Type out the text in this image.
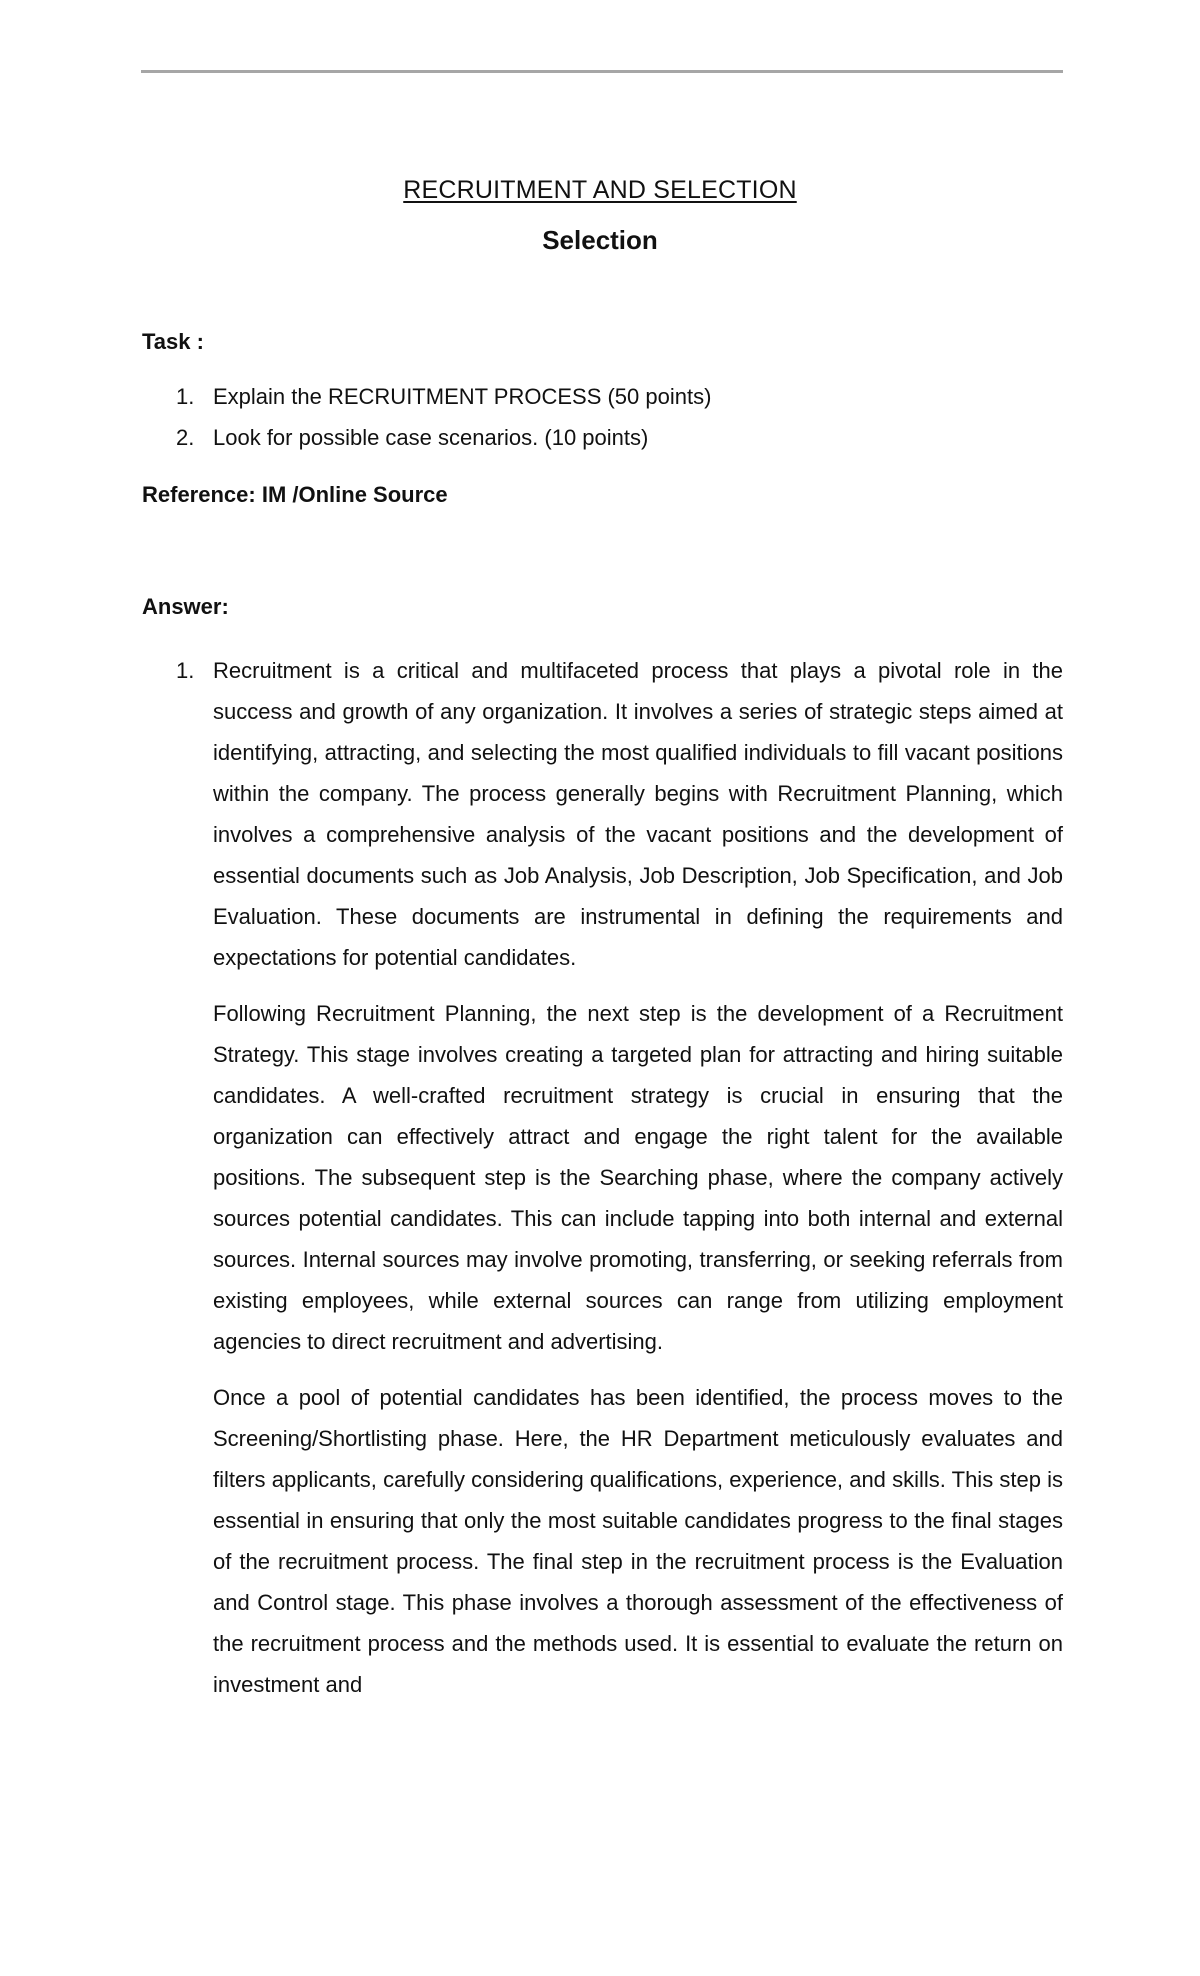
RECRUITMENT AND SELECTION
Selection
Task :
1. Explain the RECRUITMENT PROCESS (50 points)
2. Look for possible case scenarios. (10 points)
Reference: IM /Online Source
Answer:
1. Recruitment is a critical and multifaceted process that plays a pivotal role in the success and growth of any organization. It involves a series of strategic steps aimed at identifying, attracting, and selecting the most qualified individuals to fill vacant positions within the company. The process generally begins with Recruitment Planning, which involves a comprehensive analysis of the vacant positions and the development of essential documents such as Job Analysis, Job Description, Job Specification, and Job Evaluation. These documents are instrumental in defining the requirements and expectations for potential candidates.

Following Recruitment Planning, the next step is the development of a Recruitment Strategy. This stage involves creating a targeted plan for attracting and hiring suitable candidates. A well-crafted recruitment strategy is crucial in ensuring that the organization can effectively attract and engage the right talent for the available positions. The subsequent step is the Searching phase, where the company actively sources potential candidates. This can include tapping into both internal and external sources. Internal sources may involve promoting, transferring, or seeking referrals from existing employees, while external sources can range from utilizing employment agencies to direct recruitment and advertising.

Once a pool of potential candidates has been identified, the process moves to the Screening/Shortlisting phase. Here, the HR Department meticulously evaluates and filters applicants, carefully considering qualifications, experience, and skills. This step is essential in ensuring that only the most suitable candidates progress to the final stages of the recruitment process. The final step in the recruitment process is the Evaluation and Control stage. This phase involves a thorough assessment of the effectiveness of the recruitment process and the methods used. It is essential to evaluate the return on investment and
